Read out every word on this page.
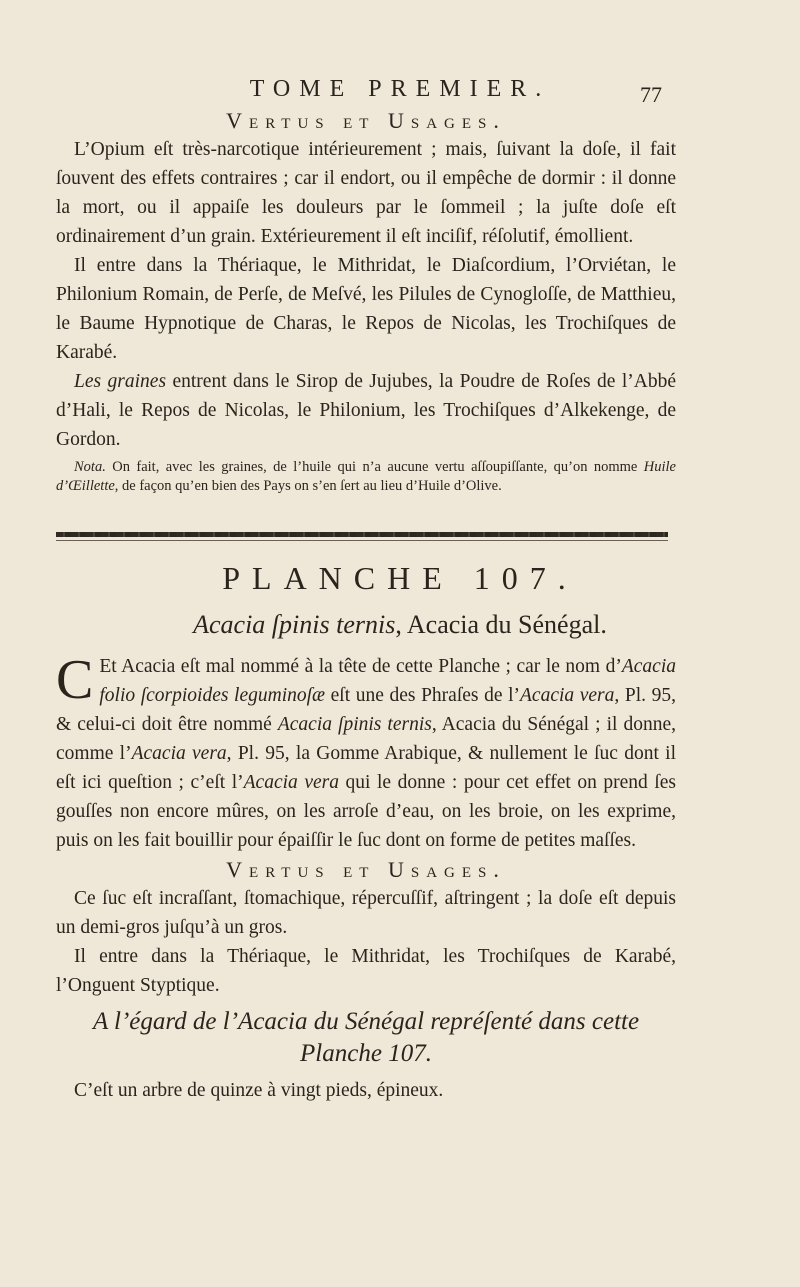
TOME PREMIER.	77
Vertus et Usages.

L’Opium eſt très-narcotique intérieurement ; mais, ſuivant la doſe, il fait ſouvent des effets contraires ; car il endort, ou il empêche de dormir : il donne la mort, ou il appaiſe les douleurs par le ſommeil ; la juſte doſe eſt ordinairement d’un grain. Extérieurement il eſt inciſif, réſolutif, émollient.

Il entre dans la Thériaque, le Mithridat, le Diaſcordium, l’Orviétan, le Philonium Romain, de Perſe, de Meſvé, les Pilules de Cynogloſſe, de Matthieu, le Baume Hypnotique de Charas, le Repos de Nicolas, les Trochiſques de Karabé.

Les graines entrent dans le Sirop de Jujubes, la Poudre de Roſes de l’Abbé d’Hali, le Repos de Nicolas, le Philonium, les Trochiſques d’Alkekenge, de Gordon.

Nota. On fait, avec les graines, de l’huile qui n’a aucune vertu aſſoupiſſante, qu’on nomme Huile d’Œillette, de façon qu’en bien des Pays on s’en ſert au lieu d’Huile d’Olive.

PLANCHE 107.
Acacia ſpinis ternis, Acacia du Sénégal.

C Et Acacia eſt mal nommé à la tête de cette Planche ; car le nom d’Acacia folio ſcorpioides leguminoſæ eſt une des Phraſes de l’Acacia vera, Pl. 95, & celui-ci doit être nommé Acacia ſpinis ternis, Acacia du Sénégal ; il donne, comme l’Acacia vera, Pl. 95, la Gomme Arabique, & nullement le ſuc dont il eſt ici queſtion ; c’eſt l’Acacia vera qui le donne : pour cet effet on prend ſes gouſſes non encore mûres, on les arroſe d’eau, on les broie, on les exprime, puis on les fait bouillir pour épaiſſir le ſuc dont on forme de petites maſſes.

Vertus et Usages.

Ce ſuc eſt incraſſant, ſtomachique, répercuſſif, aſtringent ; la doſe eſt depuis un demi-gros juſqu’à un gros.

Il entre dans la Thériaque, le Mithridat, les Trochiſques de Karabé, l’Onguent Styptique.

A l’égard de l’Acacia du Sénégal repréſenté dans cette
Planche 107.

C’eſt un arbre de quinze à vingt pieds, épineux.
